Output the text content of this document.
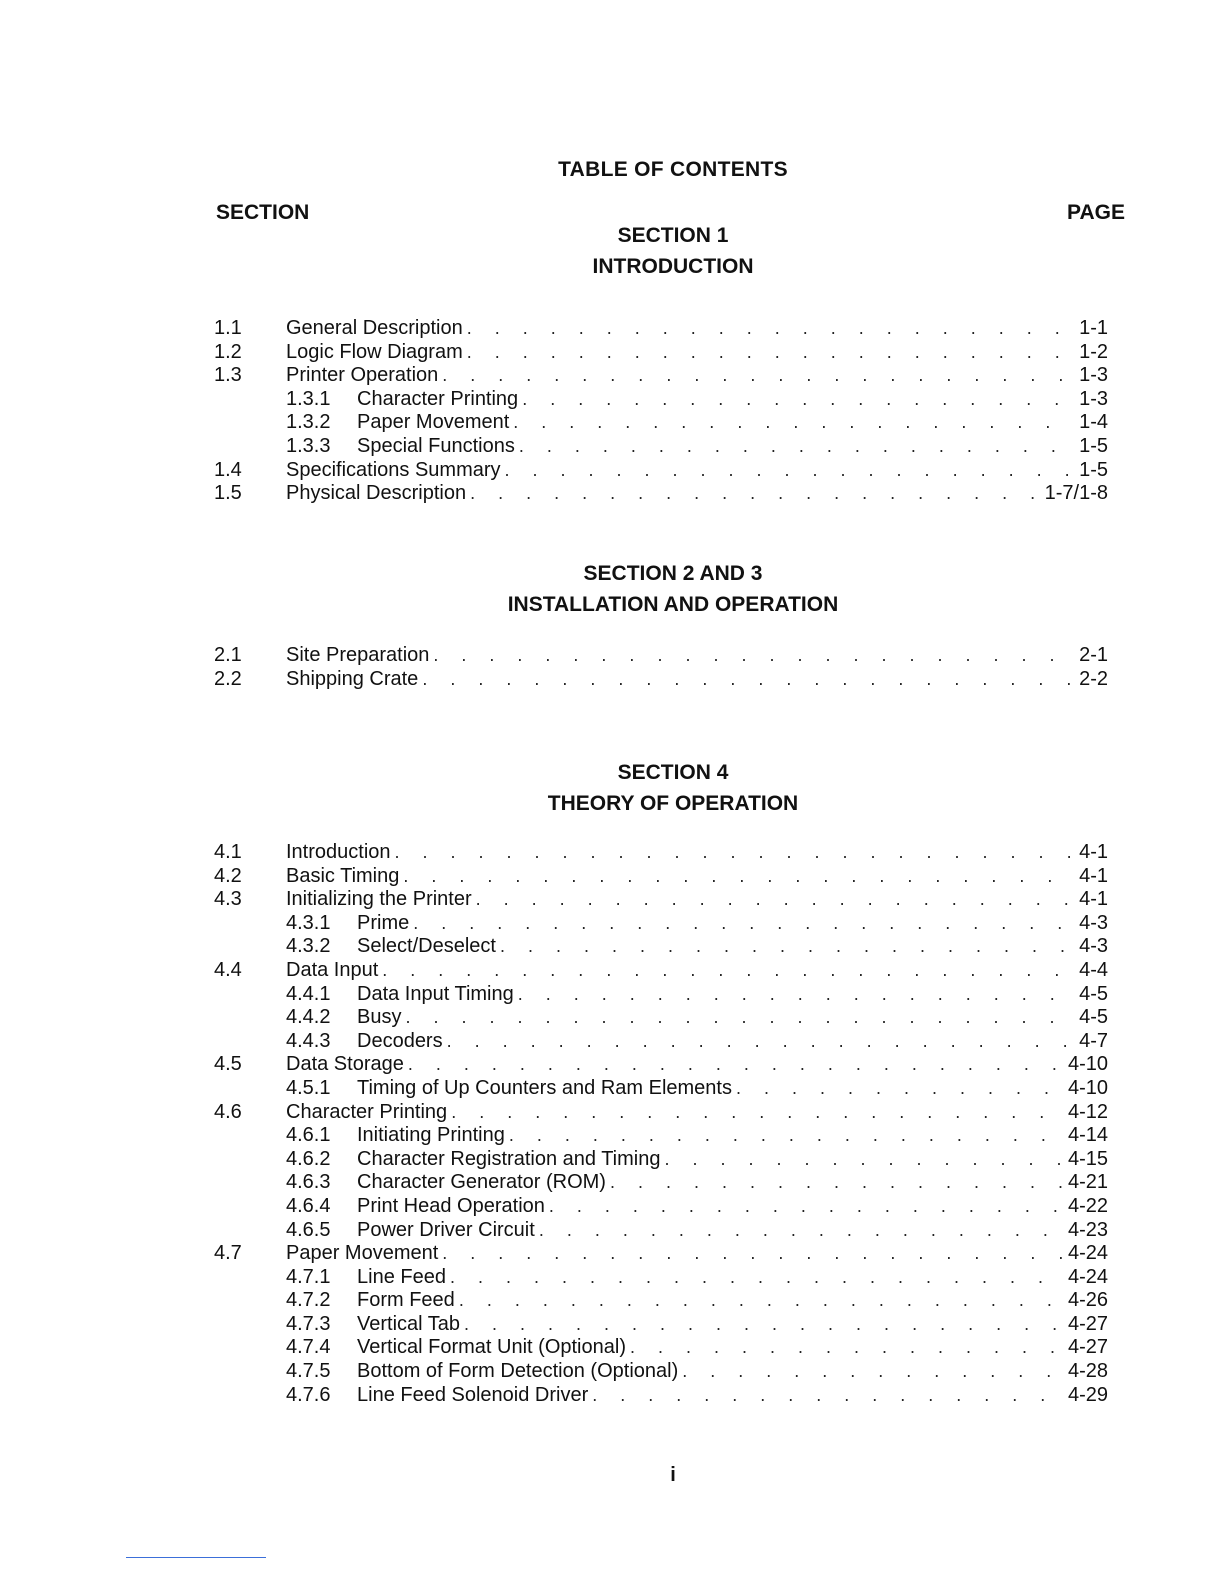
TABLE OF CONTENTS
SECTION	PAGE
SECTION 1
INTRODUCTION
1.1 General Description . . .	1-1
1.2 Logic Flow Diagram . . .	1-2
1.3 Printer Operation . . .	1-3
1.3.1 Character Printing . . .	1-3
1.3.2 Paper Movement . . .	1-4
1.3.3 Special Functions . . .	1-5
1.4 Specifications Summary . . .	1-5
1.5 Physical Description . . .	1-7/1-8
SECTION 2 AND 3
INSTALLATION AND OPERATION
2.1 Site Preparation . . .	2-1
2.2 Shipping Crate . . .	2-2
SECTION 4
THEORY OF OPERATION
4.1 Introduction . . .	4-1
4.2 Basic Timing . . .	4-1
4.3 Initializing the Printer . . .	4-1
4.3.1 Prime . . .	4-3
4.3.2 Select/Deselect . . .	4-3
4.4 Data Input . . .	4-4
4.4.1 Data Input Timing . . .	4-5
4.4.2 Busy . . .	4-5
4.4.3 Decoders . . .	4-7
4.5 Data Storage . . .	4-10
4.5.1 Timing of Up Counters and Ram Elements . . .	4-10
4.6 Character Printing . . .	4-12
4.6.1 Initiating Printing . . .	4-14
4.6.2 Character Registration and Timing . . .	4-15
4.6.3 Character Generator (ROM) . . .	4-21
4.6.4 Print Head Operation . . .	4-22
4.6.5 Power Driver Circuit . . .	4-23
4.7 Paper Movement . . .	4-24
4.7.1 Line Feed . . .	4-24
4.7.2 Form Feed . . .	4-26
4.7.3 Vertical Tab . . .	4-27
4.7.4 Vertical Format Unit (Optional) . . .	4-27
4.7.5 Bottom of Form Detection (Optional) . . .	4-28
4.7.6 Line Feed Solenoid Driver . . .	4-29
i
